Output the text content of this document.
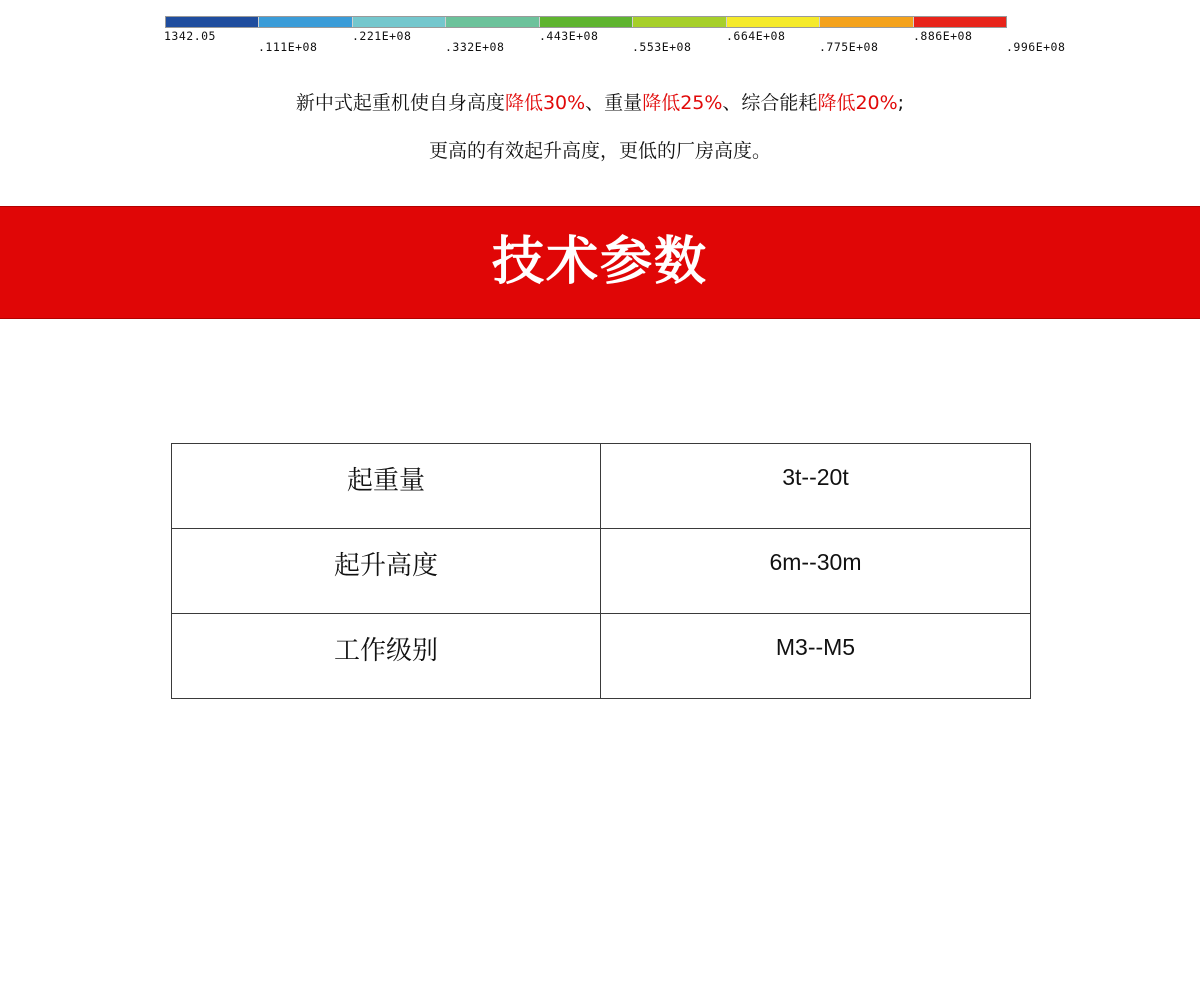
1342.05	.221E+08	.443E+08	.664E+08	.886E+08
.111E+08	.332E+08	.553E+08	.775E+08	.996E+08
新中式起重机使自身高度降低30%、重量降低25%、综合能耗降低20%;
更高的有效起升高度，更低的厂房高度。
技术参数
起重量	3t--20t
起升高度	6m--30m
工作级别	M3--M5
